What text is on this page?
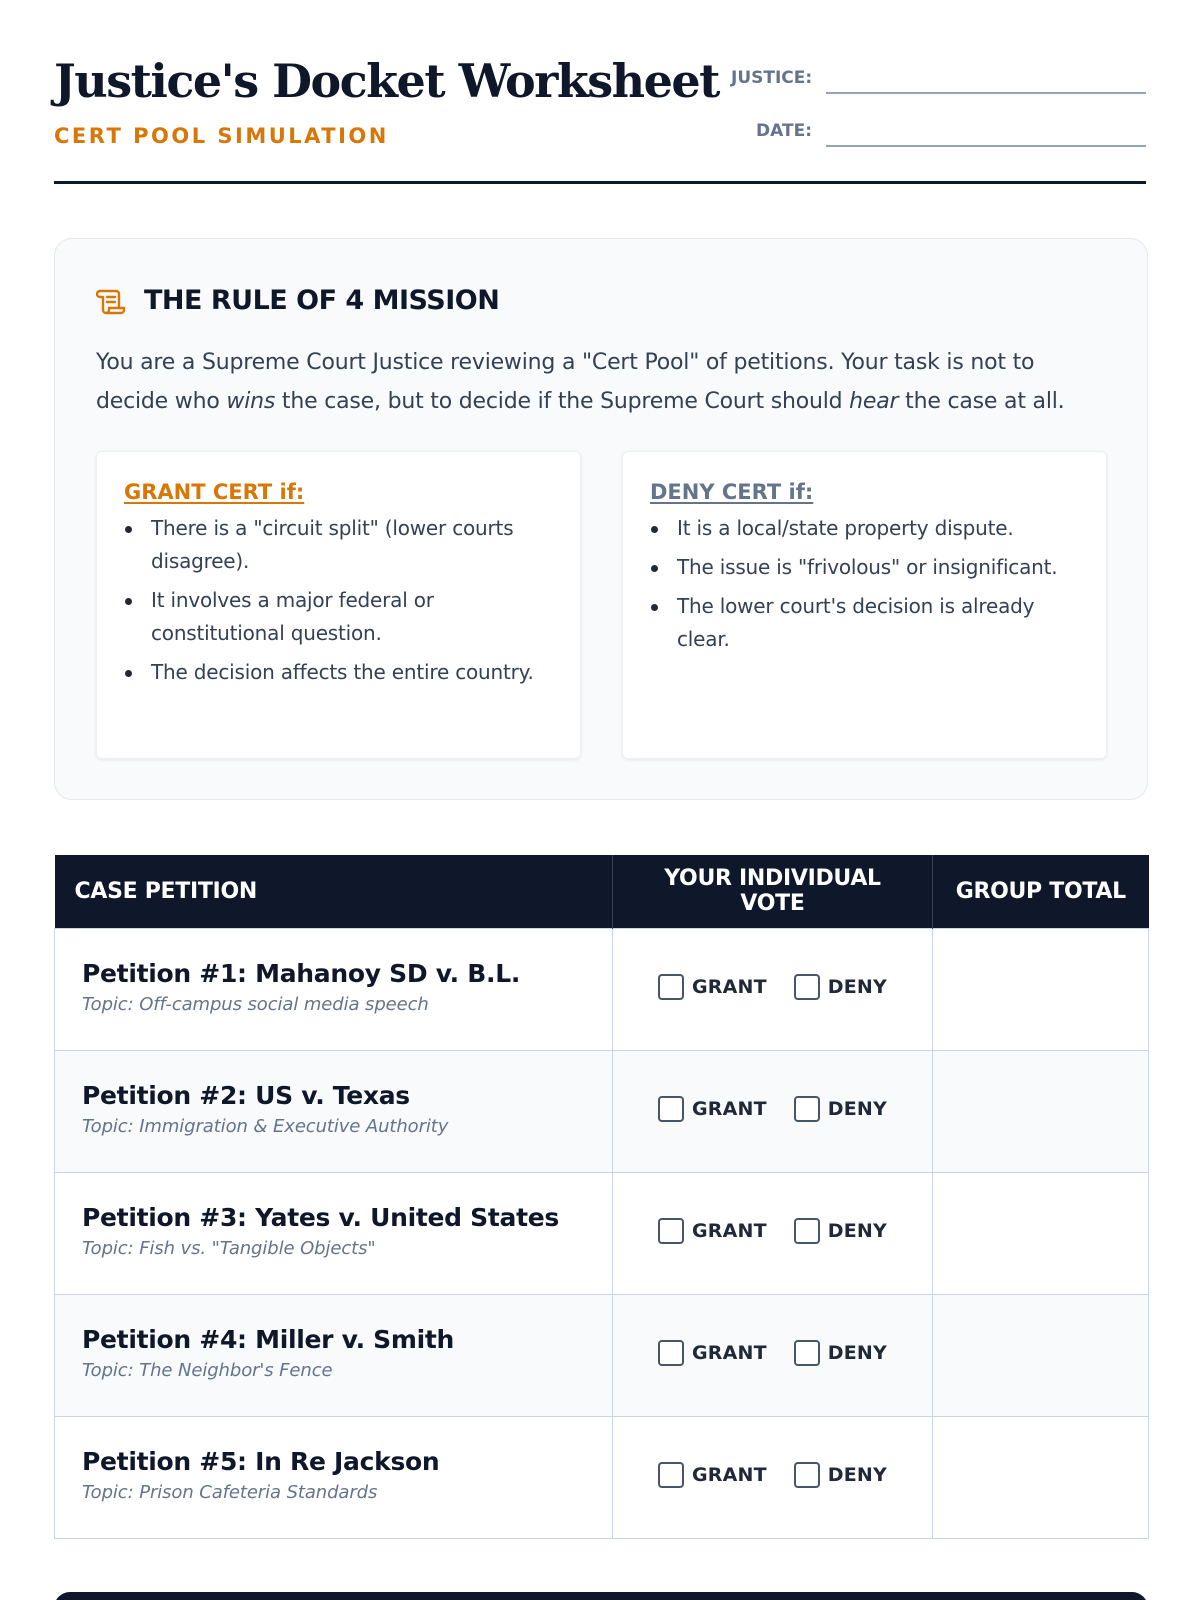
Justice's Docket Worksheet
CERT POOL SIMULATION
JUSTICE:
DATE:
THE RULE OF 4 MISSION

You are a Supreme Court Justice reviewing a "Cert Pool" of petitions. Your task is not to decide who wins the case, but to decide if the Supreme Court should hear the case at all.

GRANT CERT if:
There is a "circuit split" (lower courts disagree).
It involves a major federal or constitutional question.
The decision affects the entire country.
DENY CERT if:
It is a local/state property dispute.
The issue is "frivolous" or insignificant.
The lower court's decision is already clear.
CASE PETITION	YOUR INDIVIDUAL VOTE	GROUP TOTAL

Petition #1: Mahanoy SD v. B.L.
Topic: Off-campus social media speech	GRANT DENY	

Petition #2: US v. Texas
Topic: Immigration & Executive Authority	GRANT DENY	

Petition #3: Yates v. United States
Topic: Fish vs. "Tangible Objects"	GRANT DENY	

Petition #4: Miller v. Smith
Topic: The Neighbor's Fence	GRANT DENY	

Petition #5: In Re Jackson
Topic: Prison Cafeteria Standards	GRANT DENY	
